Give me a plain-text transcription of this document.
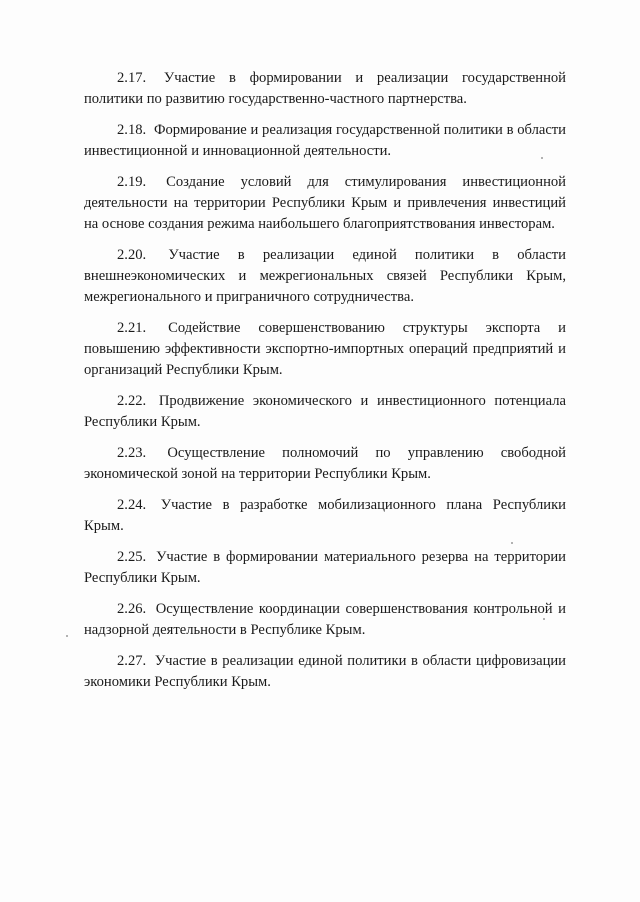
2.17. Участие в формировании и реализации государственной политики по развитию государственно-частного партнерства.

2.18. Формирование и реализация государственной политики в области инвестиционной и инновационной деятельности.

2.19. Создание условий для стимулирования инвестиционной деятельности на территории Республики Крым и привлечения инвестиций на основе создания режима наибольшего благоприятствования инвесторам.

2.20. Участие в реализации единой политики в области внешнеэкономических и межрегиональных связей Республики Крым, межрегионального и приграничного сотрудничества.

2.21. Содействие совершенствованию структуры экспорта и повышению эффективности экспортно-импортных операций предприятий и организаций Республики Крым.

2.22. Продвижение экономического и инвестиционного потенциала Республики Крым.

2.23. Осуществление полномочий по управлению свободной экономической зоной на территории Республики Крым.

2.24. Участие в разработке мобилизационного плана Республики Крым.

2.25. Участие в формировании материального резерва на территории Республики Крым.

2.26. Осуществление координации совершенствования контрольной и надзорной деятельности в Республике Крым.

2.27. Участие в реализации единой политики в области цифровизации экономики Республики Крым.
